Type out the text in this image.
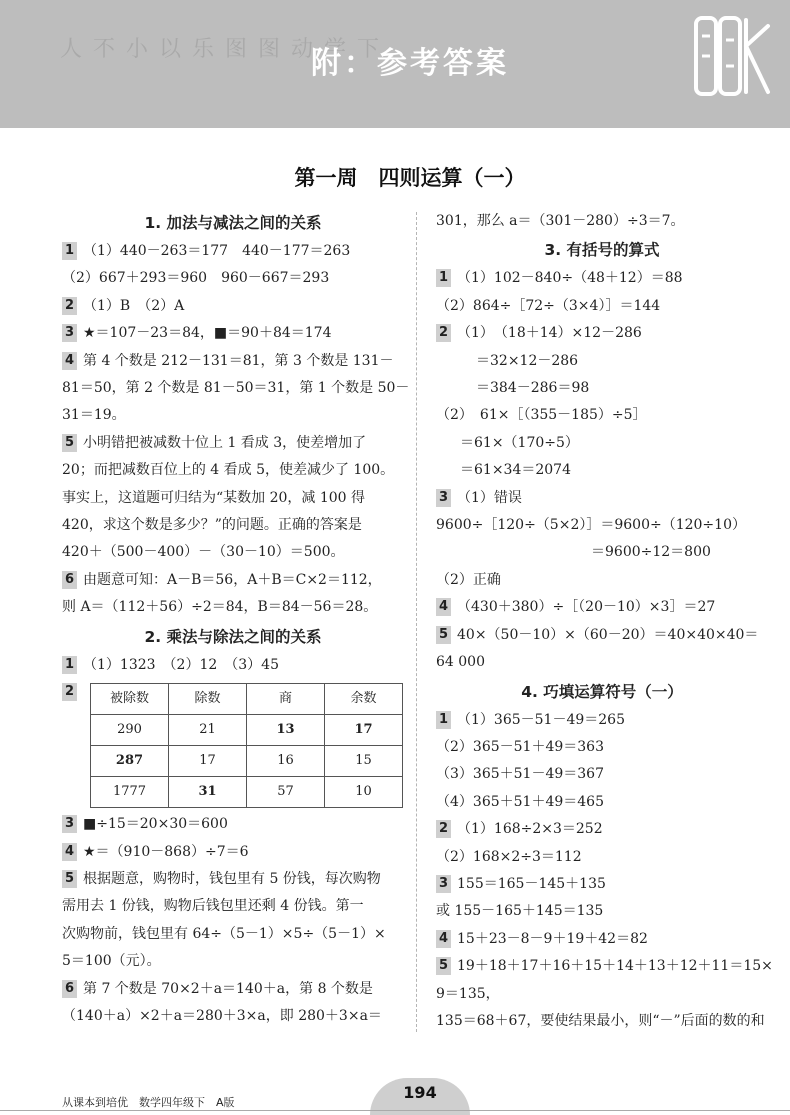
人 不 小 以 乐 图 图 动 学 下
附：参考答案
第一周　四则运算（一）
1. 加法与减法之间的关系
1 （1）440－263＝177　440－177＝263
（2）667＋293＝960　960－667＝293
2 （1）B　（2）A
3 ★＝107－23＝84，■＝90＋84＝174
4 第 4 个数是 212－131＝81，第 3 个数是 131－
81＝50，第 2 个数是 81－50＝31，第 1 个数是 50－
31＝19。
5 小明错把被减数十位上 1 看成 3，使差增加了
20；而把减数百位上的 4 看成 5，使差减少了 100。
事实上，这道题可归结为“某数加 20，减 100 得
420，求这个数是多少？”的问题。正确的答案是
420＋（500－400）－（30－10）＝500。
6 由题意可知：A－B＝56，A＋B＝C×2＝112，
则 A＝（112＋56）÷2＝84，B＝84－56＝28。
2. 乘法与除法之间的关系
1 （1）1323　（2）12　（3）45
2	被除数	除数	商	余数
290	21	13	17
287	17	16	15
1777	31	57	10
3 ■÷15＝20×30＝600
4 ★＝（910－868）÷7＝6
5 根据题意，购物时，钱包里有 5 份钱，每次购物
需用去 1 份钱，购物后钱包里还剩 4 份钱。第一
次购物前，钱包里有 64÷（5－1）×5÷（5－1）×
5＝100（元）。
6 第 7 个数是 70×2＋a＝140＋a，第 8 个数是
（140＋a）×2＋a＝280＋3×a，即 280＋3×a＝
301，那么 a＝（301－280）÷3＝7。
3. 有括号的算式
1 （1）102－840÷（48＋12）＝88
（2）864÷［72÷（3×4）］＝144
2 （1）　（18＋14）×12－286
＝32×12－286
＝384－286＝98
（2）　61×［（355－185）÷5］
＝61×（170÷5）
＝61×34＝2074
3 （1）错误
9600÷［120÷（5×2）］＝9600÷（120÷10）
＝9600÷12＝800
（2）正确
4 （430＋380）÷［（20－10）×3］＝27
5 40×（50－10）×（60－20）＝40×40×40＝
64 000
4. 巧填运算符号（一）
1 （1）365－51－49＝265
（2）365－51＋49＝363
（3）365＋51－49＝367
（4）365＋51＋49＝465
2 （1）168÷2×3＝252
（2）168×2÷3＝112
3 155＝165－145＋135
或 155－165＋145＝135
4 15＋23－8－9＋19＋42＝82
5 19＋18＋17＋16＋15＋14＋13＋12＋11＝15×
9＝135，
135＝68＋67，要使结果最小，则“－”后面的数的和
从课本到培优　数学四年级下　A版
194
